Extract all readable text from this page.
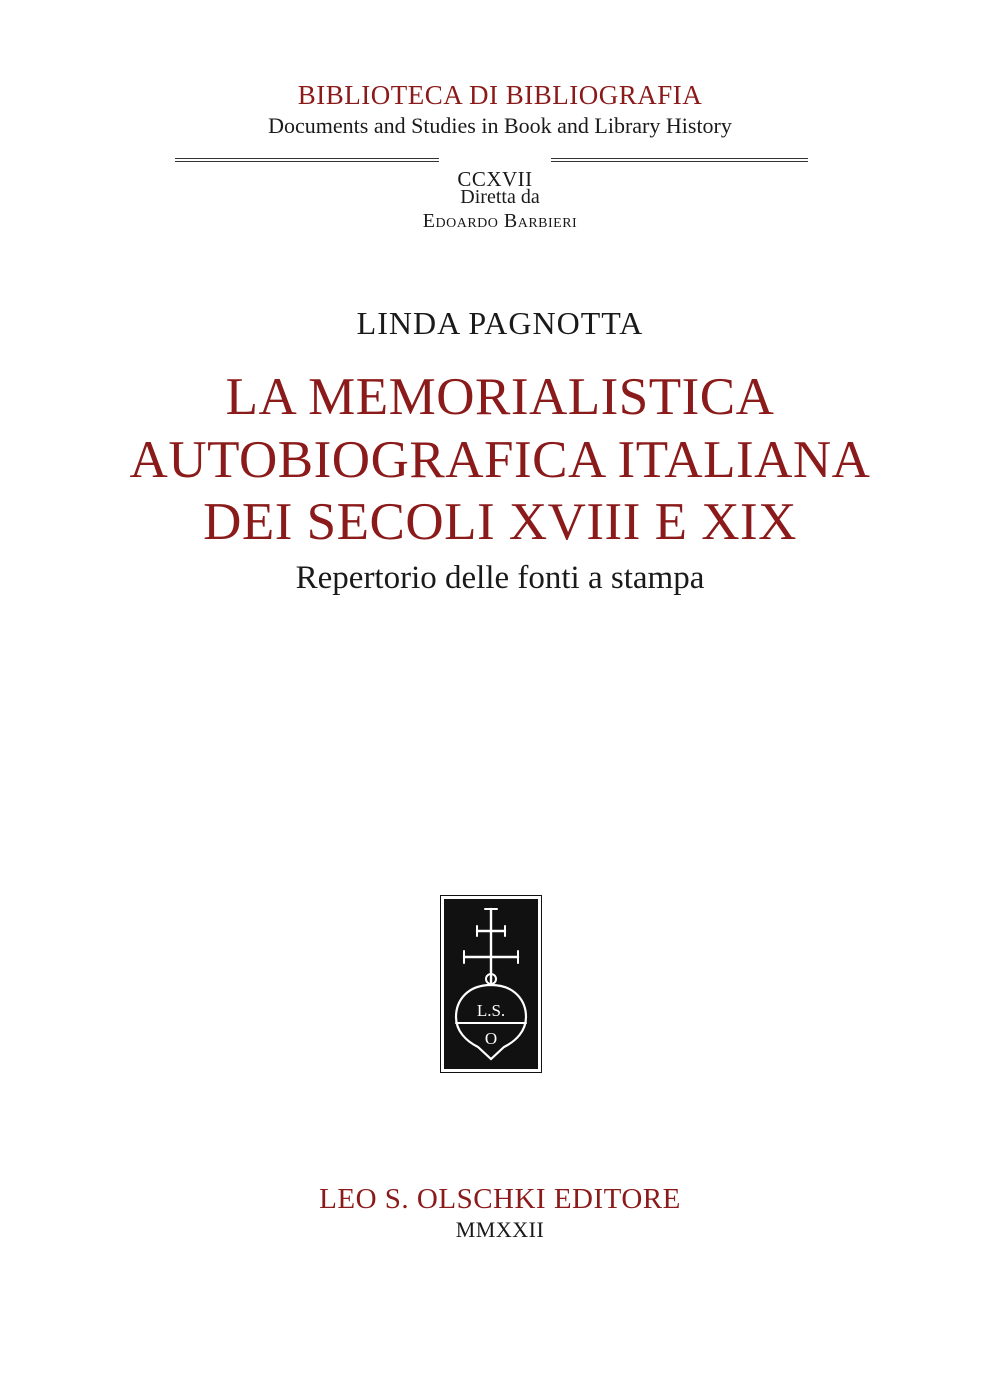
BIBLIOTECA DI BIBLIOGRAFIA

Documents and Studies in Book and Library History

CCXVII

Diretta da

Edoardo Barbieri

LINDA PAGNOTTA

LA MEMORIALISTICA

AUTOBIOGRAFICA ITALIANA

DEI SECOLI XVIII E XIX

Repertorio delle fonti a stampa

L.S.
O

LEO S. OLSCHKI EDITORE

MMXXII
